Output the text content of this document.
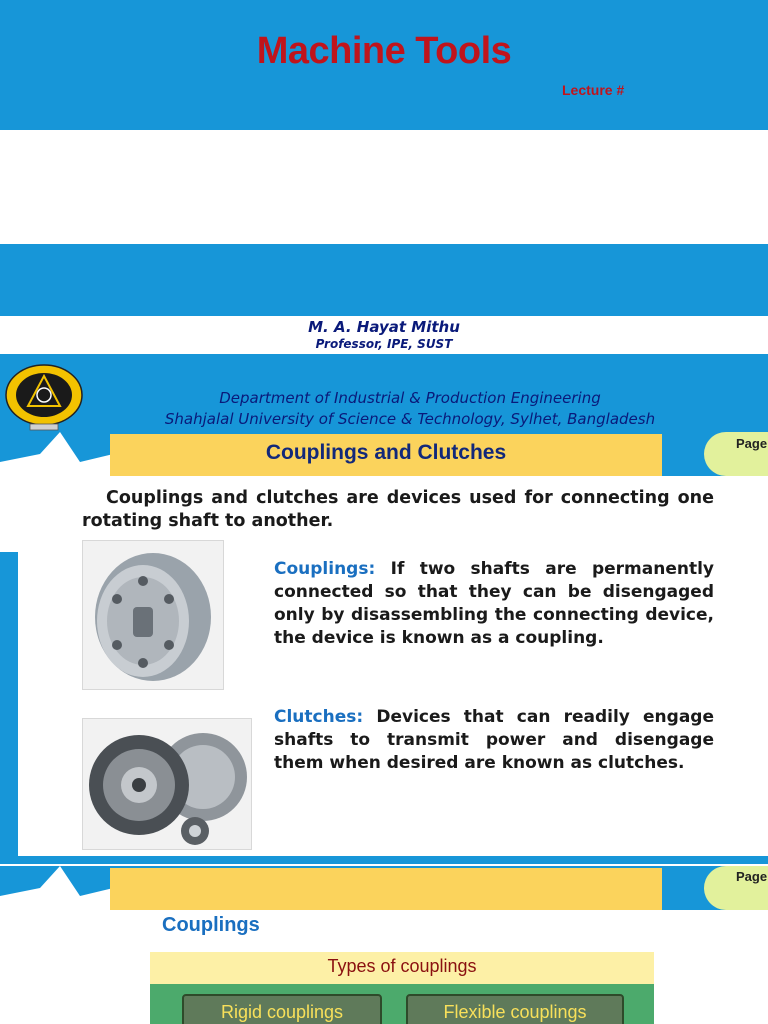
Machine Tools
Lecture #
M. A. Hayat Mithu
Professor, IPE, SUST
Department of Industrial & Production Engineering
Shahjalal University of Science & Technology, Sylhet, Bangladesh
Couplings and Clutches	Page
Couplings and clutches are devices used for connecting one rotating shaft to another.
Couplings: If two shafts are permanently connected so that they can be disengaged only by disassembling the connecting device, the device is known as a coupling.
Clutches: Devices that can readily engage shafts to transmit power and disengage them when desired are known as clutches.
Page
Couplings
Types of couplings
Rigid couplings	Flexible couplings
